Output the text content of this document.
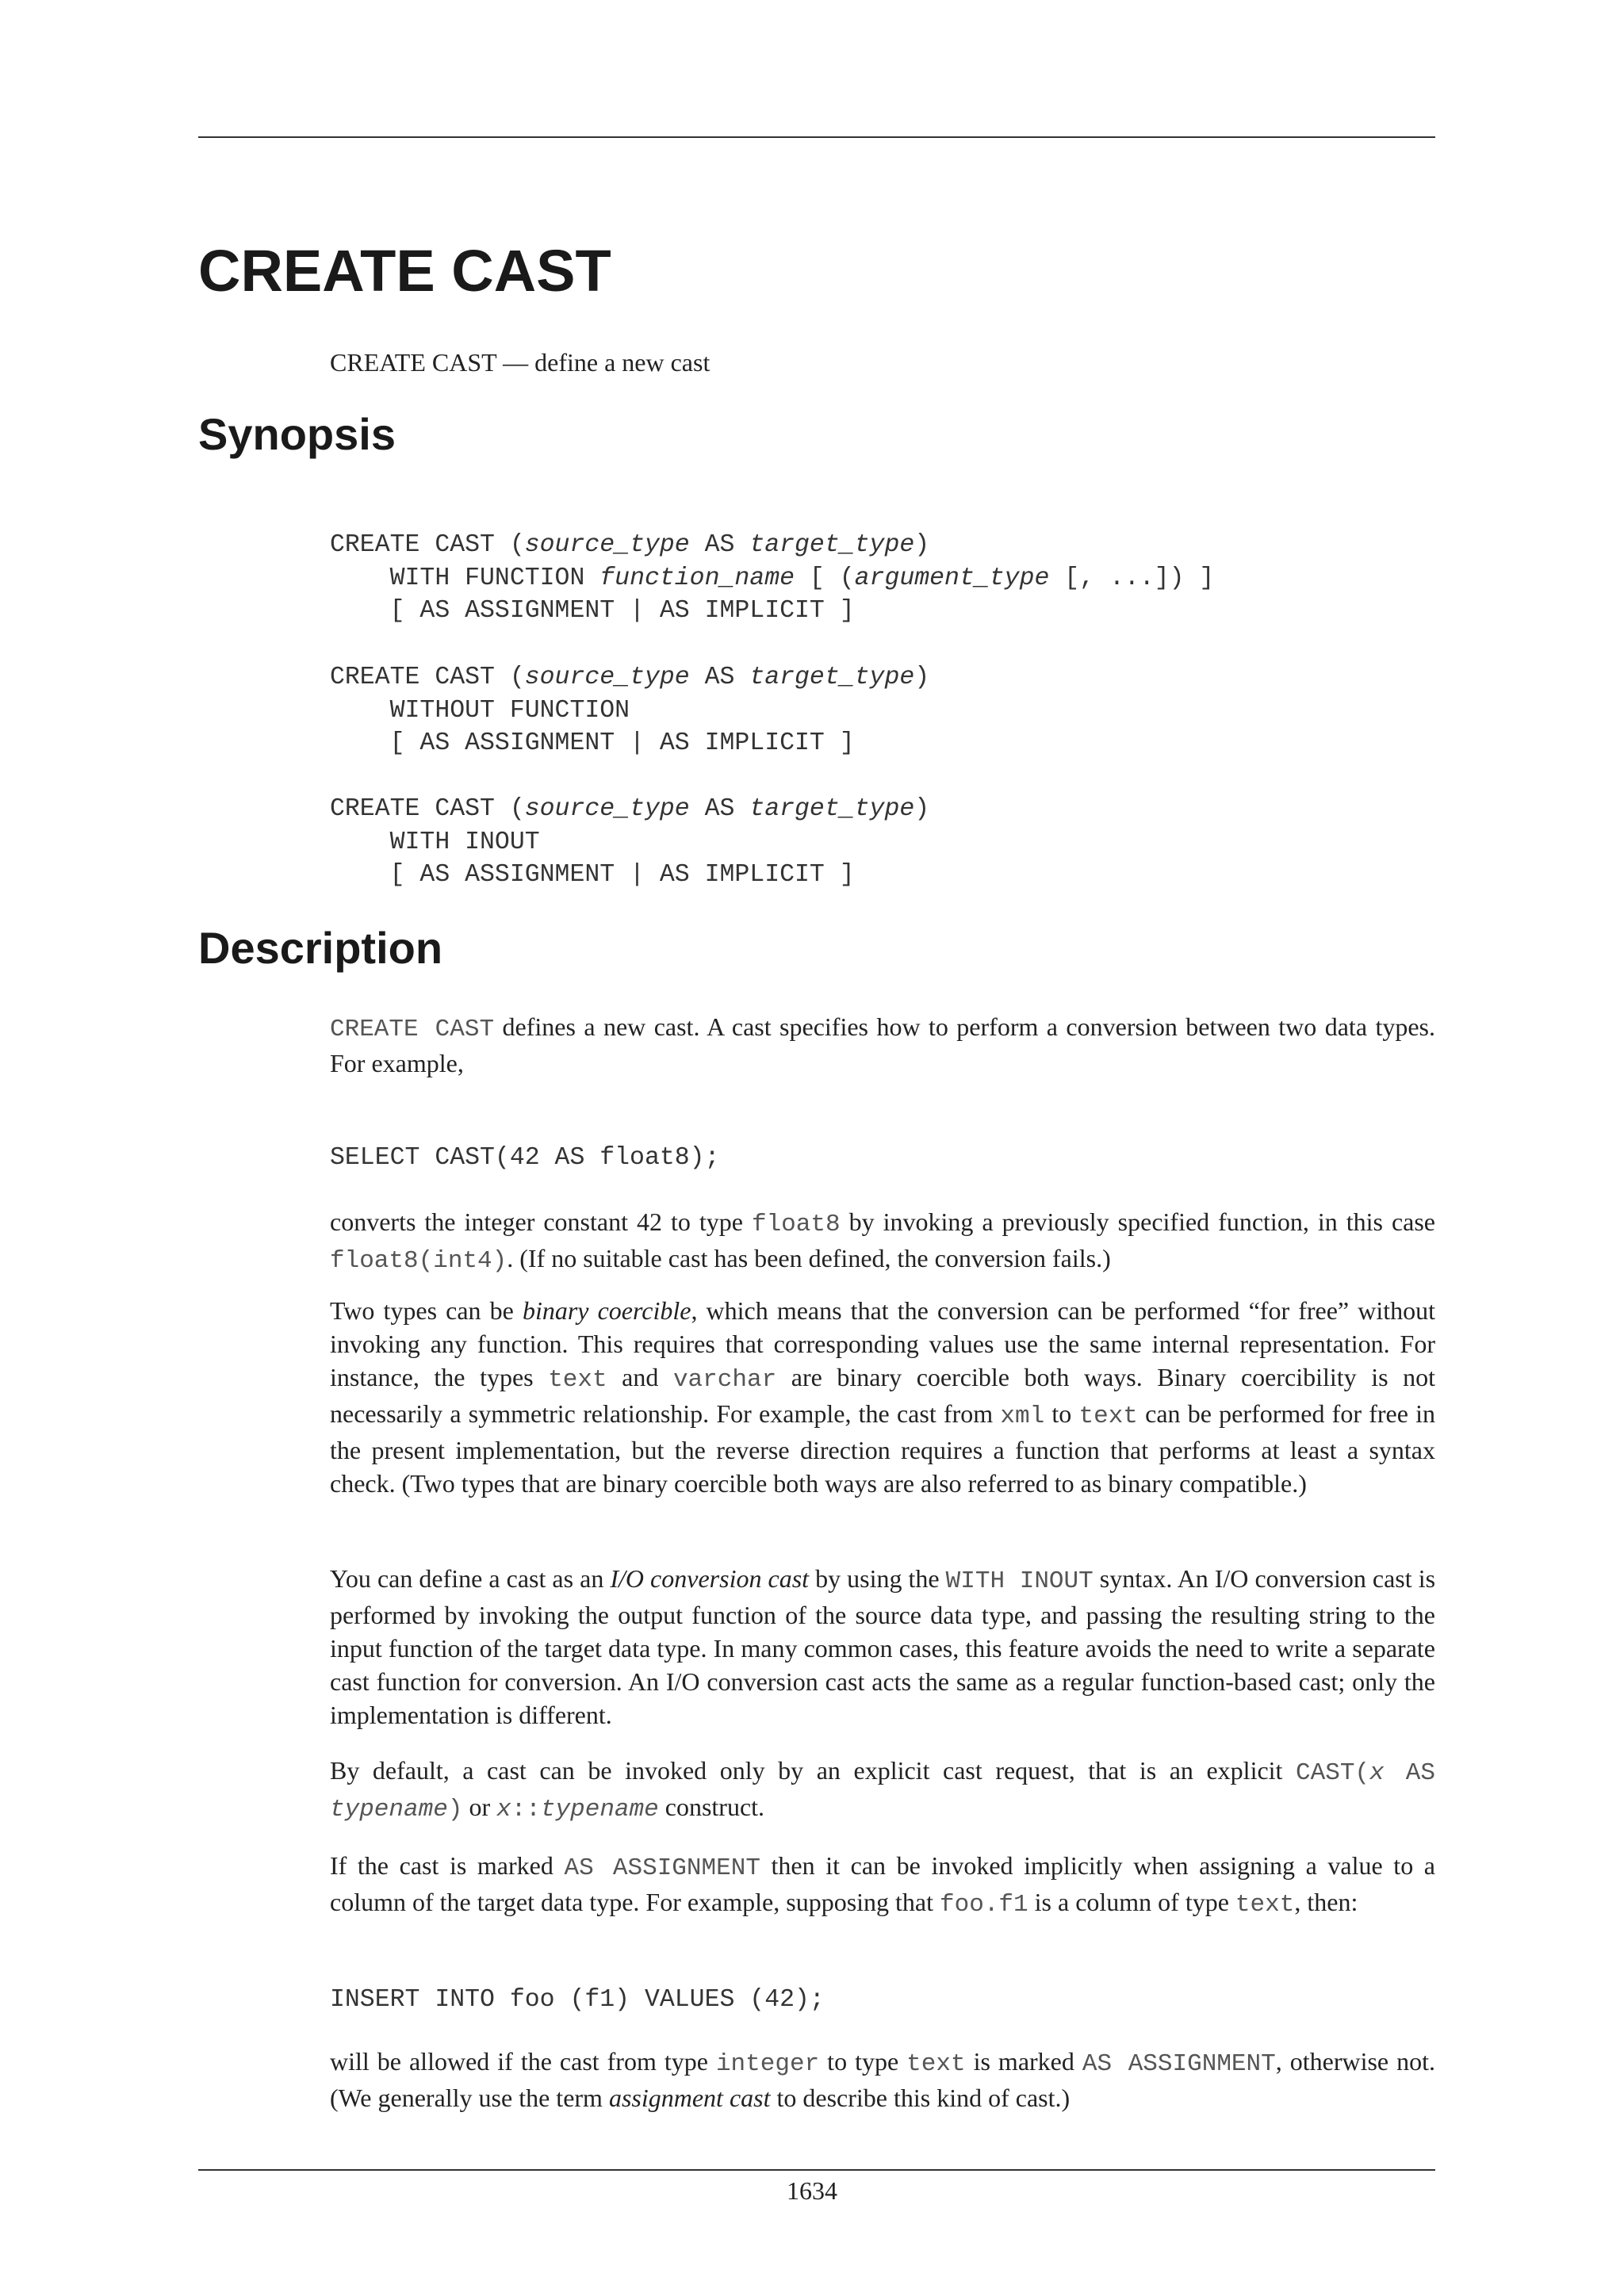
CREATE CAST
CREATE CAST — define a new cast
Synopsis
CREATE CAST (source_type AS target_type)
WITH FUNCTION function_name [ (argument_type [, ...]) ]
[ AS ASSIGNMENT | AS IMPLICIT ]
CREATE CAST (source_type AS target_type)
WITHOUT FUNCTION
[ AS ASSIGNMENT | AS IMPLICIT ]
CREATE CAST (source_type AS target_type)
WITH INOUT
[ AS ASSIGNMENT | AS IMPLICIT ]
Description

CREATE CAST defines a new cast. A cast specifies how to perform a conversion between two data types. For example,

SELECT CAST(42 AS float8);

converts the integer constant 42 to type float8 by invoking a previously specified function, in this case float8(int4). (If no suitable cast has been defined, the conversion fails.)

Two types can be binary coercible, which means that the conversion can be performed “for free” without invoking any function. This requires that corresponding values use the same internal representation. For instance, the types text and varchar are binary coercible both ways. Binary coercibility is not necessarily a symmetric relationship. For example, the cast from xml to text can be performed for free in the present implementation, but the reverse direction requires a function that performs at least a syntax check. (Two types that are binary coercible both ways are also referred to as binary compatible.)

You can define a cast as an I/O conversion cast by using the WITH INOUT syntax. An I/O conversion cast is performed by invoking the output function of the source data type, and passing the resulting string to the input function of the target data type. In many common cases, this feature avoids the need to write a separate cast function for conversion. An I/O conversion cast acts the same as a regular function-based cast; only the implementation is different.

By default, a cast can be invoked only by an explicit cast request, that is an explicit CAST(x AS typename) or x::typename construct.

If the cast is marked AS ASSIGNMENT then it can be invoked implicitly when assigning a value to a column of the target data type. For example, supposing that foo.f1 is a column of type text, then:

INSERT INTO foo (f1) VALUES (42);

will be allowed if the cast from type integer to type text is marked AS ASSIGNMENT, otherwise not. (We generally use the term assignment cast to describe this kind of cast.)

1634
